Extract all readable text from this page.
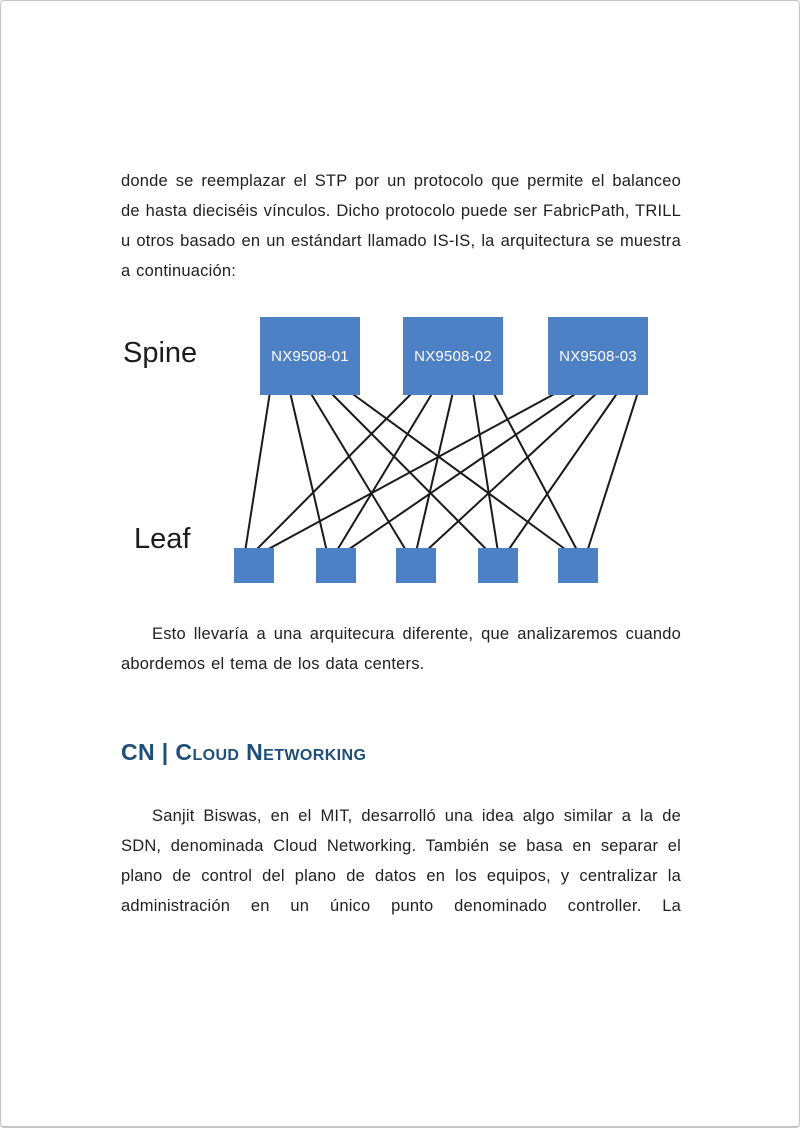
donde se reemplazar el STP por un protocolo que permite el balanceo de hasta dieciséis vínculos. Dicho protocolo puede ser FabricPath, TRILL u otros basado en un estándart llamado IS-IS, la arquitectura se muestra a continuación:

Spine
Leaf
NX9508-01	NX9508-02	NX9508-03

Esto llevaría a una arquitecura diferente, que analizaremos cuando abordemos el tema de los data centers.

CN | Cloud Networking

Sanjit Biswas, en el MIT, desarrolló una idea algo similar a la de SDN, denominada Cloud Networking. También se basa en separar el plano de control del plano de datos en los equipos, y centralizar la administración en un único punto denominado controller. La
